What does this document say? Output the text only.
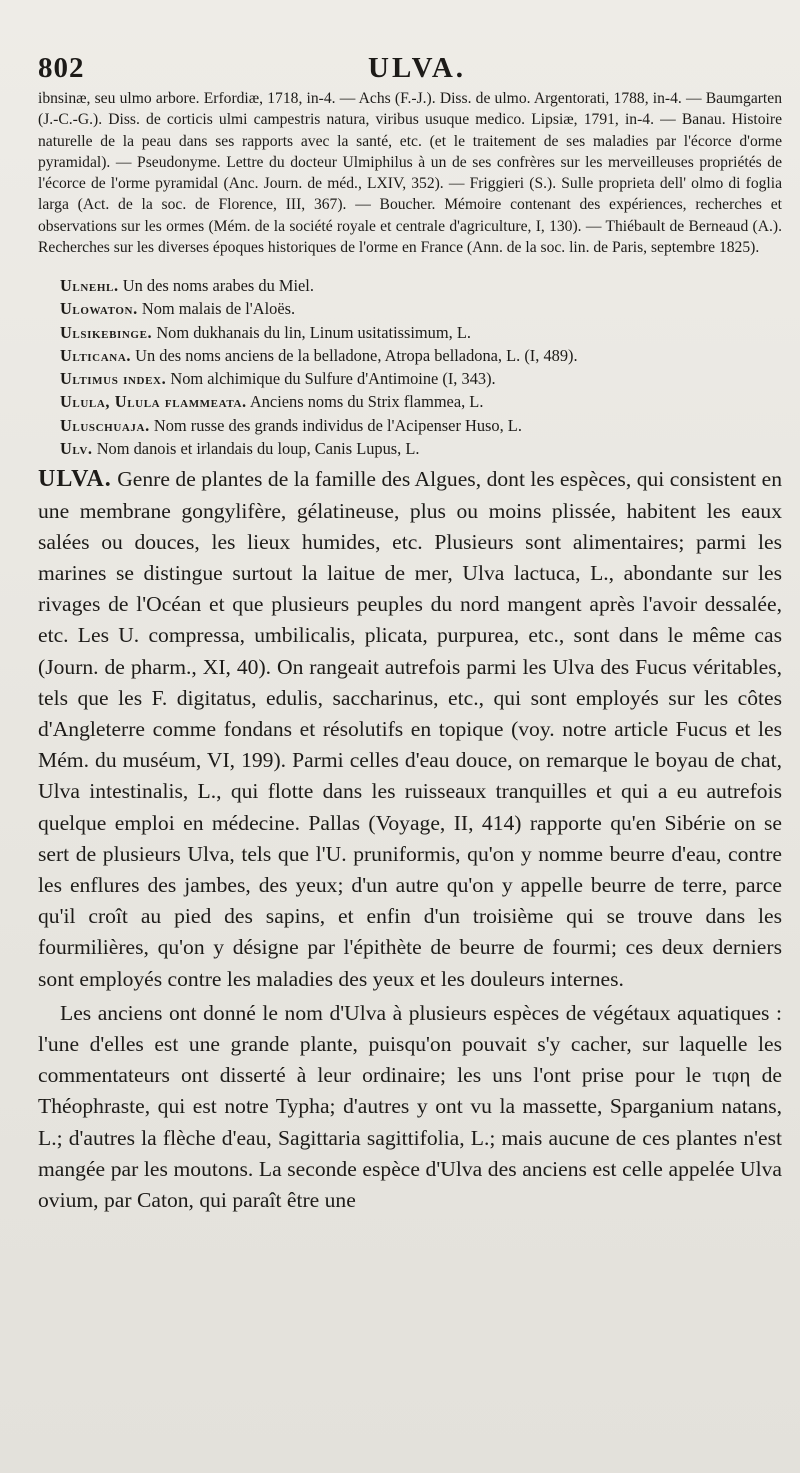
802	ULVA.

ibnsinæ, seu ulmo arbore. Erfordiæ, 1718, in-4. — Achs (F.-J.). Diss. de ulmo. Argentorati, 1788, in-4. — Baumgarten (J.-C.-G.). Diss. de corticis ulmi campestris natura, viribus usuque medico. Lipsiæ, 1791, in-4. — Banau. Histoire naturelle de la peau dans ses rapports avec la santé, etc. (et le traitement de ses maladies par l'écorce d'orme pyramidal). — Pseudonyme. Lettre du docteur Ulmiphilus à un de ses confrères sur les merveilleuses propriétés de l'écorce de l'orme pyramidal (Anc. Journ. de méd., LXIV, 352). — Friggieri (S.). Sulle proprieta dell' olmo di foglia larga (Act. de la soc. de Florence, III, 367). — Boucher. Mémoire contenant des expériences, recherches et observations sur les ormes (Mém. de la société royale et centrale d'agriculture, I, 130). — Thiébault de Berneaud (A.). Recherches sur les diverses époques historiques de l'orme en France (Ann. de la soc. lin. de Paris, septembre 1825).

Ulnehl. Un des noms arabes du Miel.

Ulowaton. Nom malais de l'Aloës.

Ulsikebinge. Nom dukhanais du lin, Linum usitatissimum, L.

Ulticana. Un des noms anciens de la belladone, Atropa belladona, L. (I, 489).

Ultimus index. Nom alchimique du Sulfure d'Antimoine (I, 343).

Ulula, Ulula flammeata. Anciens noms du Strix flammea, L.

Uluschuaja. Nom russe des grands individus de l'Acipenser Huso, L.

Ulv. Nom danois et irlandais du loup, Canis Lupus, L.

ULVA. Genre de plantes de la famille des Algues, dont les espèces, qui consistent en une membrane gongylifère, gélatineuse, plus ou moins plissée, habitent les eaux salées ou douces, les lieux humides, etc. Plusieurs sont alimentaires; parmi les marines se distingue surtout la laitue de mer, Ulva lactuca, L., abondante sur les rivages de l'Océan et que plusieurs peuples du nord mangent après l'avoir dessalée, etc. Les U. compressa, umbilicalis, plicata, purpurea, etc., sont dans le même cas (Journ. de pharm., XI, 40). On rangeait autrefois parmi les Ulva des Fucus véritables, tels que les F. digitatus, edulis, saccharinus, etc., qui sont employés sur les côtes d'Angleterre comme fondans et résolutifs en topique (voy. notre article Fucus et les Mém. du muséum, VI, 199). Parmi celles d'eau douce, on remarque le boyau de chat, Ulva intestinalis, L., qui flotte dans les ruisseaux tranquilles et qui a eu autrefois quelque emploi en médecine. Pallas (Voyage, II, 414) rapporte qu'en Sibérie on se sert de plusieurs Ulva, tels que l'U. pruniformis, qu'on y nomme beurre d'eau, contre les enflures des jambes, des yeux; d'un autre qu'on y appelle beurre de terre, parce qu'il croît au pied des sapins, et enfin d'un troisième qui se trouve dans les fourmilières, qu'on y désigne par l'épithète de beurre de fourmi; ces deux derniers sont employés contre les maladies des yeux et les douleurs internes.

Les anciens ont donné le nom d'Ulva à plusieurs espèces de végétaux aquatiques : l'une d'elles est une grande plante, puisqu'on pouvait s'y cacher, sur laquelle les commentateurs ont disserté à leur ordinaire; les uns l'ont prise pour le τιφη de Théophraste, qui est notre Typha; d'autres y ont vu la massette, Sparganium natans, L.; d'autres la flèche d'eau, Sagittaria sagittifolia, L.; mais aucune de ces plantes n'est mangée par les moutons. La seconde espèce d'Ulva des anciens est celle appelée Ulva ovium, par Caton, qui paraît être une
